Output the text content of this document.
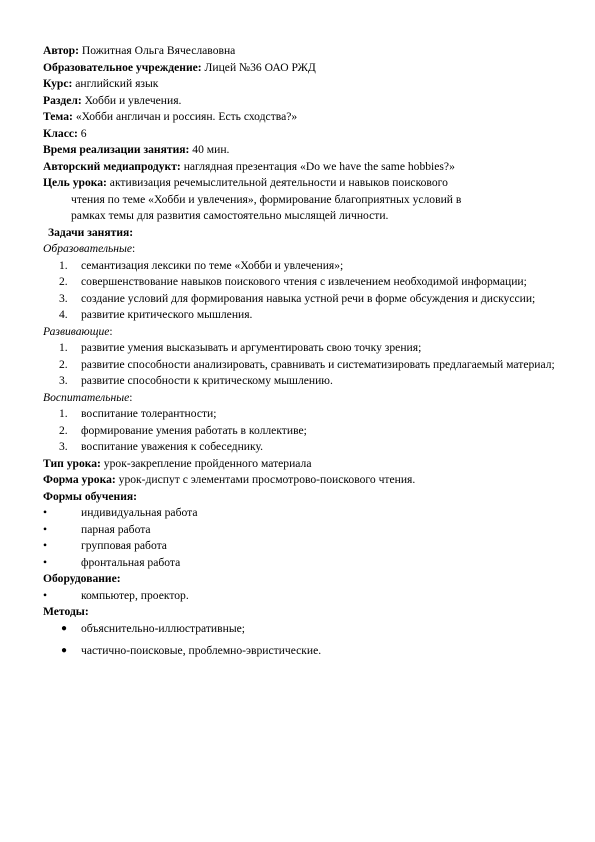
Автор: Пожитная Ольга Вячеславовна
Образовательное учреждение: Лицей №36 ОАО РЖД
Курс: английский язык
Раздел: Хобби и увлечения.
Тема: «Хобби англичан и россиян. Есть сходства?»
Класс: 6
Время реализации занятия: 40 мин.
Авторский медиапродукт: наглядная презентация «Do we have the same hobbies?»
Цель урока: активизация речемыслительной деятельности и навыков поискового
чтения по теме «Хобби и увлечения», формирование благоприятных условий в
рамках темы для развития самостоятельно мыслящей личности.
Задачи занятия:
Образовательные:
1. семантизация лексики по теме «Хобби и увлечения»;
2. совершенствование навыков поискового чтения с извлечением необходимой информации;
3. создание условий для формирования навыка устной речи в форме обсуждения и дискуссии;
4. развитие критического мышления.
Развивающие:
1. развитие умения высказывать и аргументировать свою точку зрения;
2. развитие способности анализировать, сравнивать и систематизировать предлагаемый материал;
3. развитие способности к критическому мышлению.
Воспитательные:
1. воспитание толерантности;
2. формирование умения работать в коллективе;
3. воспитание уважения к собеседнику.
Тип урока: урок-закрепление пройденного материала
Форма урока: урок-диспут с элементами просмотрово-поискового чтения.
Формы обучения:
•	индивидуальная работа
•	парная работа
•	групповая работа
•	фронтальная работа
Оборудование:
•	компьютер, проектор.
Методы:
● объяснительно-иллюстративные;
● частично-поисковые, проблемно-эвристические.
